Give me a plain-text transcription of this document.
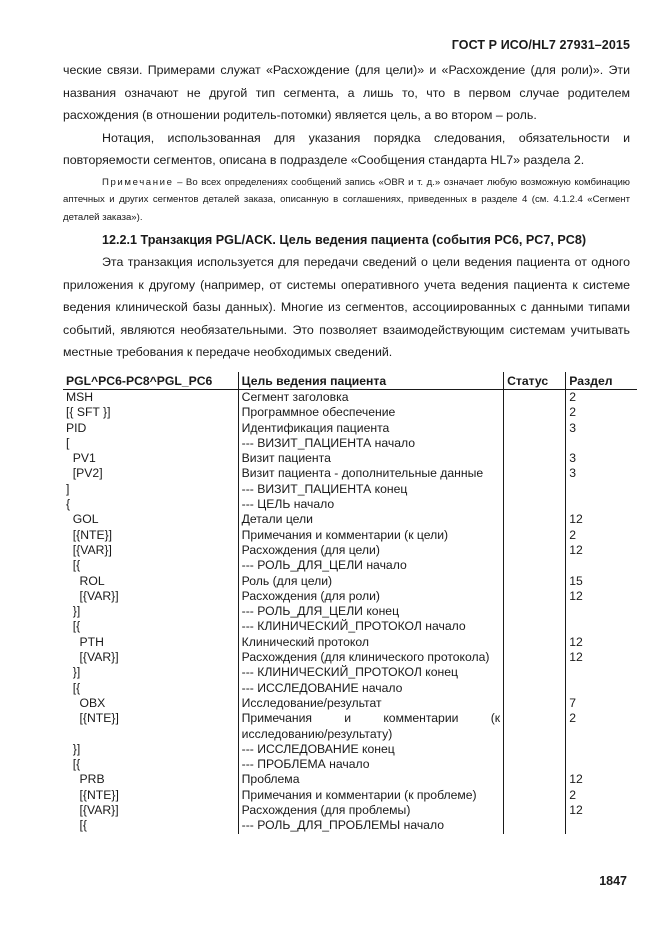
ГОСТ Р ИСО/HL7 27931–2015

ческие связи. Примерами служат «Расхождение (для цели)» и «Расхождение (для роли)». Эти названия означают не другой тип сегмента, а лишь то, что в первом случае родителем расхождения (в отношении родитель-потомки) является цель, а во втором – роль.

Нотация, использованная для указания порядка следования, обязательности и повторяемости сегментов, описана в подразделе «Сообщения стандарта HL7» раздела 2.

Примечание – Во всех определениях сообщений запись «OBR и т. д.» означает любую возможную комбинацию аптечных и других сегментов деталей заказа, описанную в соглашениях, приведенных в разделе 4 (см. 4.1.2.4 «Сегмент деталей заказа»).

12.2.1 Транзакция PGL/ACK. Цель ведения пациента (события PC6, PC7, PC8)

Эта транзакция используется для передачи сведений о цели ведения пациента от одного приложения к другому (например, от системы оперативного учета ведения пациента к системе ведения клинической базы данных). Многие из сегментов, ассоциированных с данными типами событий, являются необязательными. Это позволяет взаимодействующим системам учитывать местные требования к передаче необходимых сведений.

PGL^PC6-PC8^PGL_PC6	Цель ведения пациента	Статус	Раздел
MSH	Сегмент заголовка		2
[{ SFT }]	Программное обеспечение		2
PID	Идентификация пациента		3
[	--- ВИЗИТ_ПАЦИЕНТА начало		
PV1	Визит пациента		3
[PV2]	Визит пациента - дополнительные данные		3
]	--- ВИЗИТ_ПАЦИЕНТА конец		
{	--- ЦЕЛЬ начало		
GOL	Детали цели		12
[{NTE}]	Примечания и комментарии (к цели)		2
[{VAR}]	Расхождения (для цели)		12
[{	--- РОЛЬ_ДЛЯ_ЦЕЛИ начало		
ROL	Роль (для цели)		15
[{VAR}]	Расхождения (для роли)		12
}]	--- РОЛЬ_ДЛЯ_ЦЕЛИ конец		
[{	--- КЛИНИЧЕСКИЙ_ПРОТОКОЛ начало		
PTH	Клинический протокол		12
[{VAR}]	Расхождения (для клинического протокола)		12
}]	--- КЛИНИЧЕСКИЙ_ПРОТОКОЛ конец		
[{	--- ИССЛЕДОВАНИЕ начало		
OBX	Исследование/результат		7
[{NTE}]	Примечания и комментарии (к исследованию/результату)		2
}]	--- ИССЛЕДОВАНИЕ конец		
[{	--- ПРОБЛЕМА начало		
PRB	Проблема		12
[{NTE}]	Примечания и комментарии (к проблеме)		2
[{VAR}]	Расхождения (для проблемы)		12
[{	--- РОЛЬ_ДЛЯ_ПРОБЛЕМЫ начало		
1847
